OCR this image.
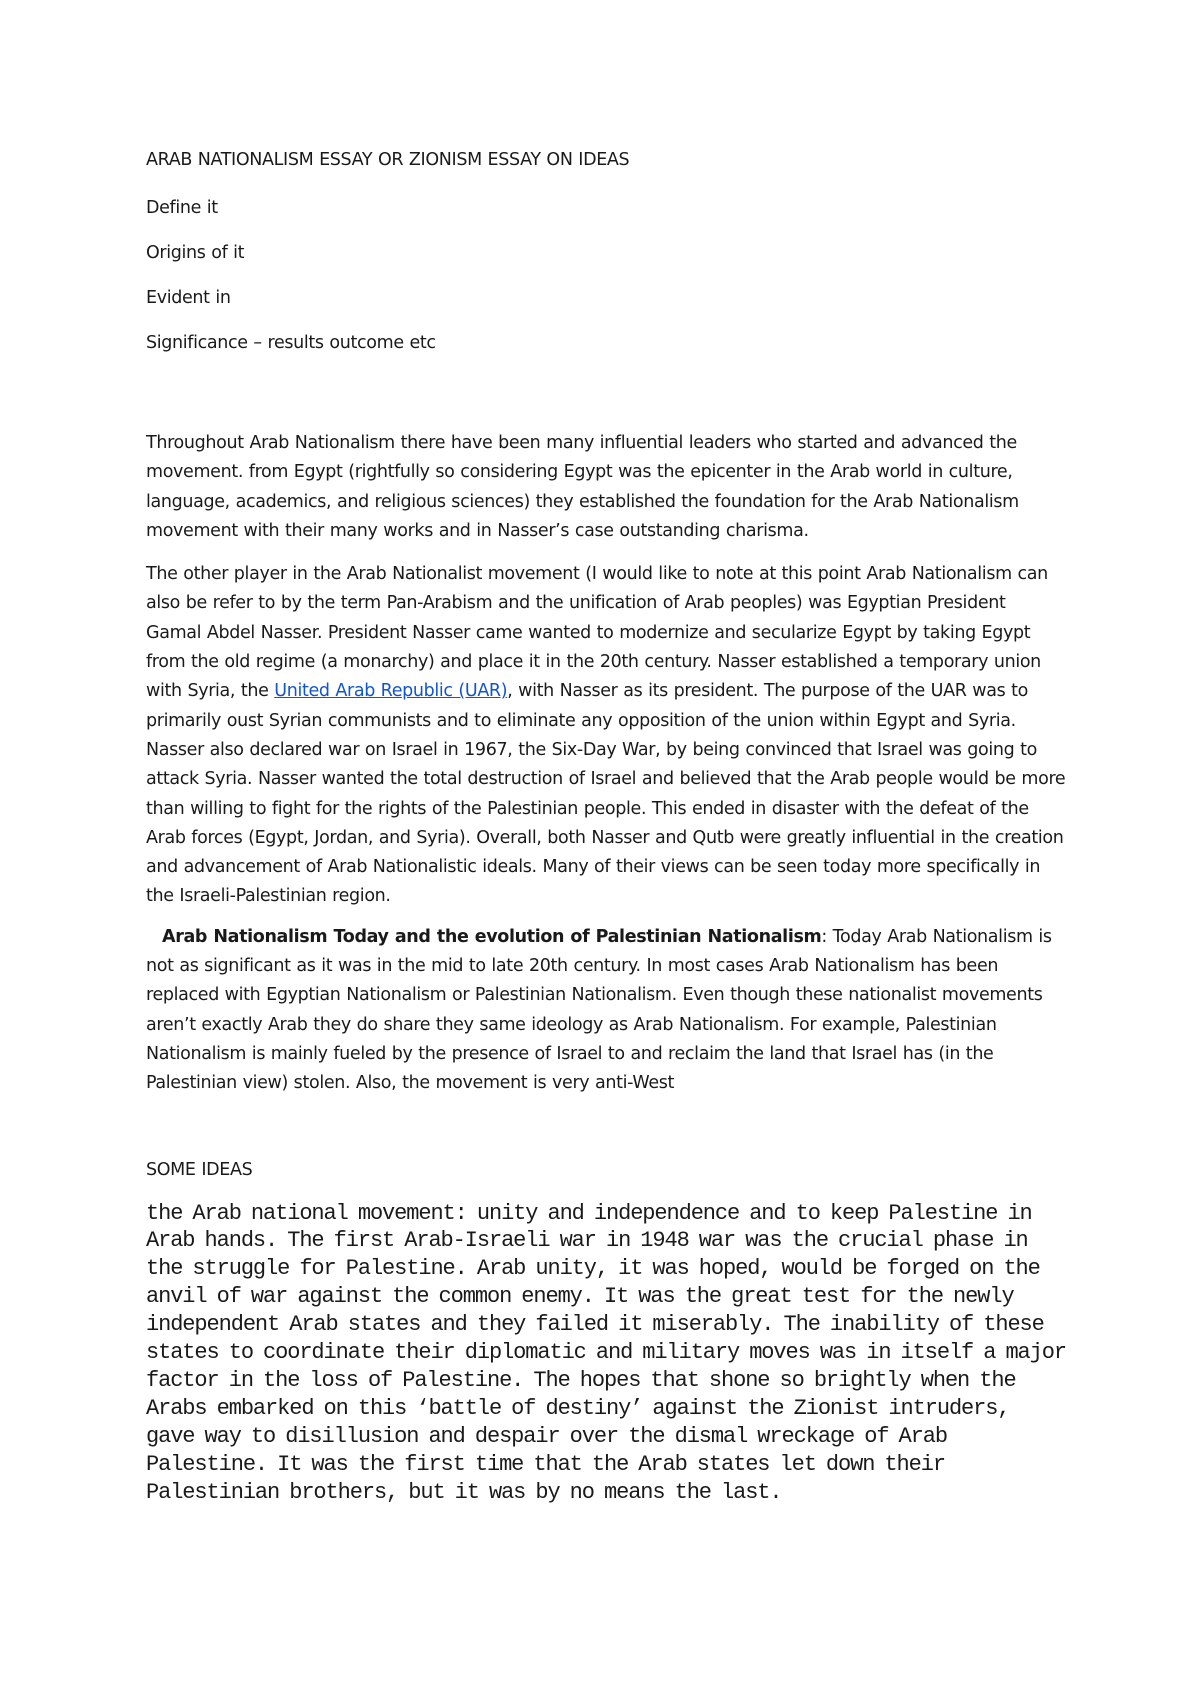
ARAB NATIONALISM ESSAY OR ZIONISM ESSAY ON IDEAS

Define it

Origins of it

Evident in

Significance – results outcome etc

Throughout Arab Nationalism there have been many influential leaders who started and advanced the movement. from Egypt (rightfully so considering Egypt was the epicenter in the Arab world in culture, language, academics, and religious sciences) they established the foundation for the Arab Nationalism movement with their many works and in Nasser’s case outstanding charisma.

The other player in the Arab Nationalist movement (I would like to note at this point Arab Nationalism can also be refer to by the term Pan-Arabism and the unification of Arab peoples) was Egyptian President Gamal Abdel Nasser. President Nasser came wanted to modernize and secularize Egypt by taking Egypt from the old regime (a monarchy) and place it in the 20th century. Nasser established a temporary union with Syria, the United Arab Republic (UAR), with Nasser as its president. The purpose of the UAR was to primarily oust Syrian communists and to eliminate any opposition of the union within Egypt and Syria. Nasser also declared war on Israel in 1967, the Six-Day War, by being convinced that Israel was going to attack Syria. Nasser wanted the total destruction of Israel and believed that the Arab people would be more than willing to fight for the rights of the Palestinian people. This ended in disaster with the defeat of the Arab forces (Egypt, Jordan, and Syria). Overall, both Nasser and Qutb were greatly influential in the creation and advancement of Arab Nationalistic ideals. Many of their views can be seen today more specifically in the Israeli-Palestinian region.

Arab Nationalism Today and the evolution of Palestinian Nationalism: Today Arab Nationalism is not as significant as it was in the mid to late 20th century. In most cases Arab Nationalism has been replaced with Egyptian Nationalism or Palestinian Nationalism. Even though these nationalist movements aren’t exactly Arab they do share they same ideology as Arab Nationalism. For example, Palestinian Nationalism is mainly fueled by the presence of Israel to and reclaim the land that Israel has (in the Palestinian view) stolen. Also, the movement is very anti-West

SOME IDEAS

the Arab national movement: unity and independence and to keep Palestine in Arab hands. The first Arab-Israeli war in 1948 war was the crucial phase in the struggle for Palestine. Arab unity, it was hoped, would be forged on the anvil of war against the common enemy. It was the great test for the newly independent Arab states and they failed it miserably. The inability of these states to coordinate their diplomatic and military moves was in itself a major factor in the loss of Palestine. The hopes that shone so brightly when the Arabs embarked on this ‘battle of destiny’ against the Zionist intruders, gave way to disillusion and despair over the dismal wreckage of Arab Palestine. It was the first time that the Arab states let down their Palestinian brothers, but it was by no means the last.
